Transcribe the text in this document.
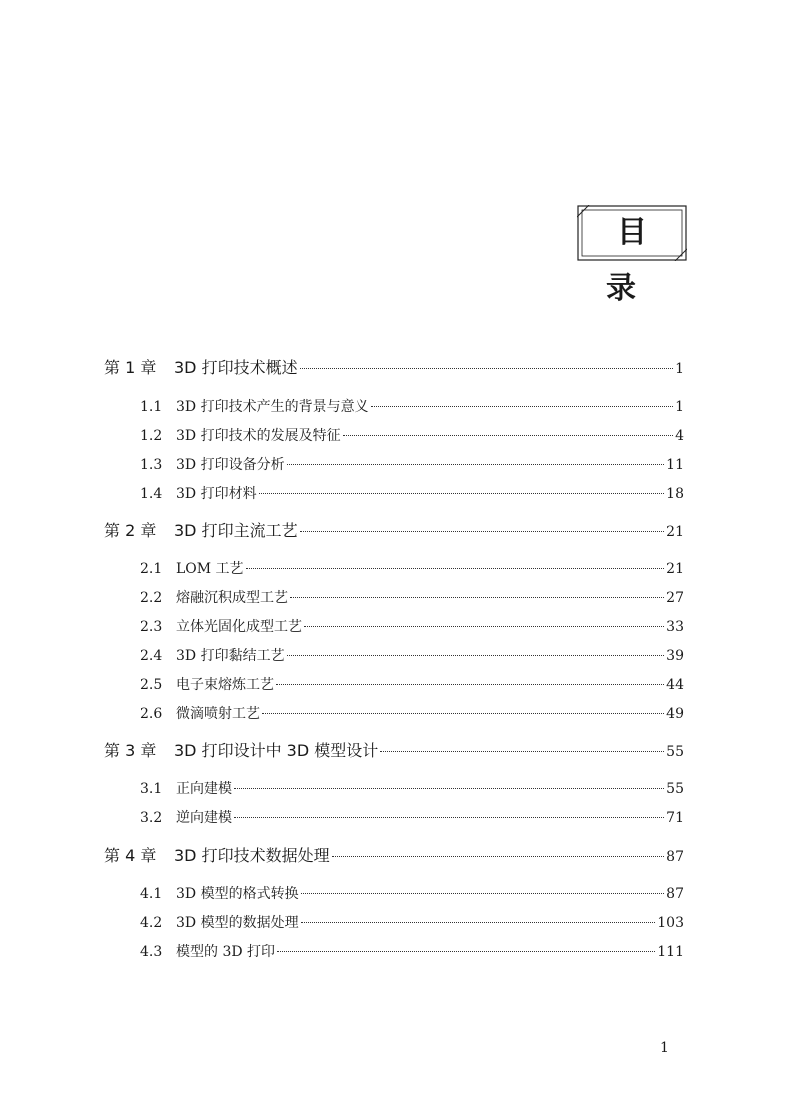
目录
第 1 章	3D 打印技术概述	1
1.1 3D 打印技术产生的背景与意义	1
1.2 3D 打印技术的发展及特征	4
1.3 3D 打印设备分析	11
1.4 3D 打印材料	18
第 2 章	3D 打印主流工艺	21
2.1 LOM 工艺	21
2.2 熔融沉积成型工艺	27
2.3 立体光固化成型工艺	33
2.4 3D 打印黏结工艺	39
2.5 电子束熔炼工艺	44
2.6 微滴喷射工艺	49
第 3 章	3D 打印设计中 3D 模型设计	55
3.1 正向建模	55
3.2 逆向建模	71
第 4 章	3D 打印技术数据处理	87
4.1 3D 模型的格式转换	87
4.2 3D 模型的数据处理	103
4.3 模型的 3D 打印	111
1
